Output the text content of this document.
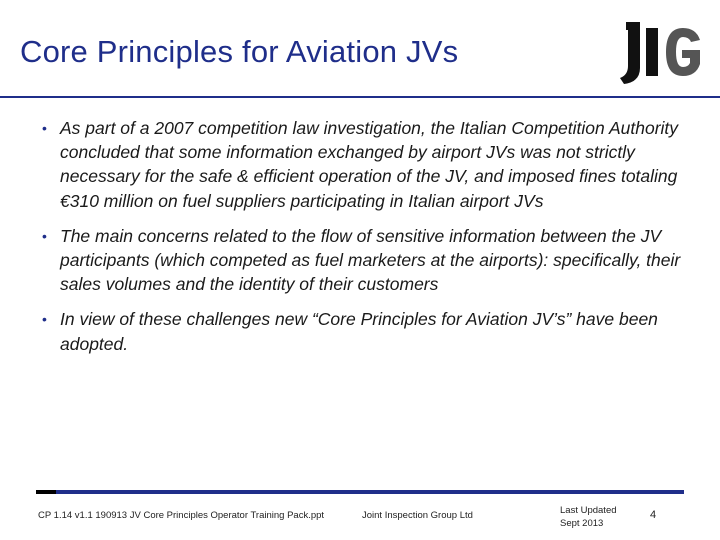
Core Principles for Aviation JVs
• As part of a 2007 competition law investigation, the Italian Competition Authority concluded that some information exchanged by airport JVs was not strictly necessary for the safe & efficient operation of the JV, and imposed fines totaling €310 million on fuel suppliers participating in Italian airport JVs
• The main concerns related to the flow of sensitive information between the JV participants (which competed as fuel marketers at the airports): specifically, their sales volumes and the identity of their customers
• In view of these challenges new “Core Principles for Aviation JV’s” have been adopted.
CP 1.14 v1.1 190913 JV Core Principles Operator Training Pack.ppt	Joint Inspection Group Ltd	Last Updated
Sept 2013
4
